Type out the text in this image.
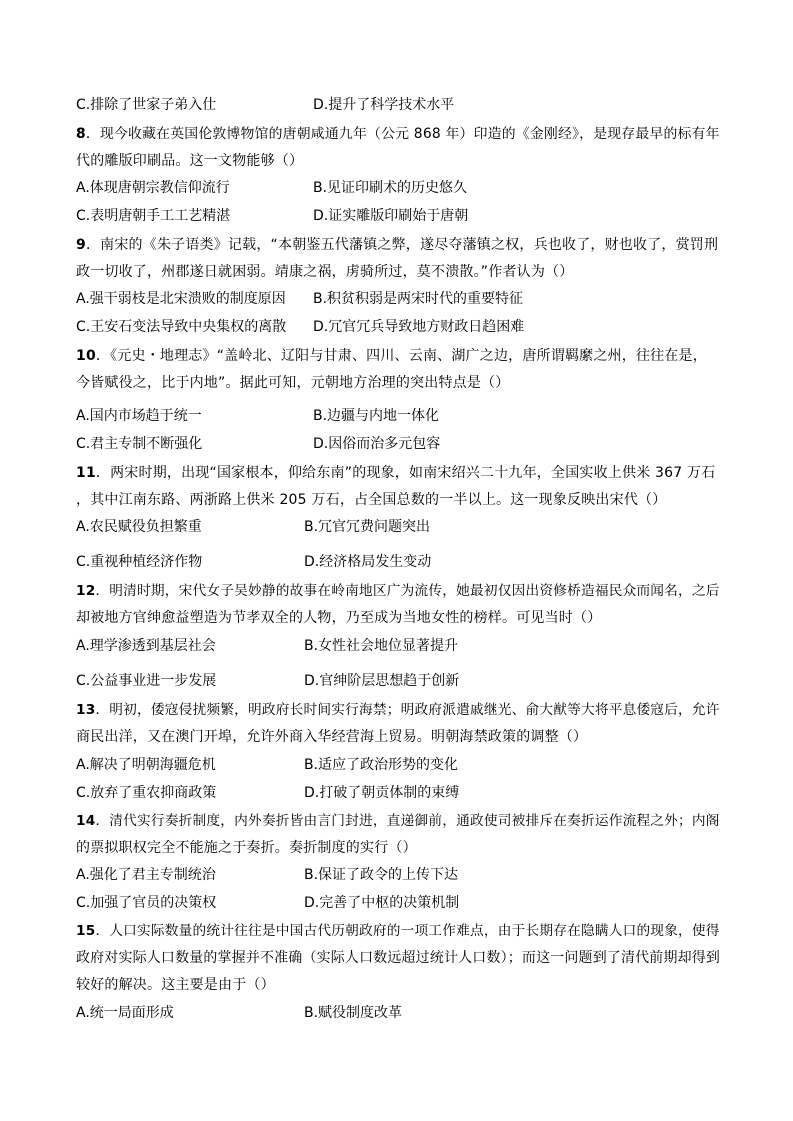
C.排除了世家子弟入仕	D.提升了科学技术水平
8．现今收藏在英国伦敦博物馆的唐朝咸通九年（公元 868 年）印造的《金刚经》，是现存最早的标有年
代的雕版印刷品。这一文物能够（）
A.体现唐朝宗教信仰流行	B.见证印刷术的历史悠久
C.表明唐朝手工工艺精湛	D.证实雕版印刷始于唐朝
9．南宋的《朱子语类》记载，“本朝鉴五代藩镇之弊，遂尽夺藩镇之权，兵也收了，财也收了，赏罚刑
政一切收了，州郡遂日就困弱。靖康之祸，虏骑所过，莫不溃散。”作者认为（）
A.强干弱枝是北宋溃败的制度原因 B.积贫积弱是两宋时代的重要特征
C.王安石变法导致中央集权的离散 D.冗官冗兵导致地方财政日趋困难
10．《元史・地理志》“盖岭北、辽阳与甘肃、四川、云南、湖广之边，唐所谓羁縻之州，往往在是，
今皆赋役之，比于内地”。据此可知，元朝地方治理的突出特点是（）
A.国内市场趋于统一	B.边疆与内地一体化
C.君主专制不断强化	D.因俗而治多元包容
11．两宋时期，出现“国家根本，仰给东南”的现象，如南宋绍兴二十九年，全国实收上供米 367 万石
，其中江南东路、两浙路上供米 205 万石，占全国总数的一半以上。这一现象反映出宋代（）
A.农民赋役负担繁重	B.冗官冗费问题突出
C.重视种植经济作物	D.经济格局发生变动
12．明清时期，宋代女子吴妙静的故事在岭南地区广为流传，她最初仅因出资修桥造福民众而闻名，之后
却被地方官绅愈益塑造为节孝双全的人物，乃至成为当地女性的榜样。可见当时（）
A.理学渗透到基层社会	B.女性社会地位显著提升
C.公益事业进一步发展	D.官绅阶层思想趋于创新
13．明初，倭寇侵扰频繁，明政府长时间实行海禁；明政府派遣戚继光、俞大猷等大将平息倭寇后，允许
商民出洋，又在澳门开埠，允许外商入华经营海上贸易。明朝海禁政策的调整（）
A.解决了明朝海疆危机	B.适应了政治形势的变化
C.放弃了重农抑商政策	D.打破了朝贡体制的束缚
14．清代实行奏折制度，内外奏折皆由言门封进，直递御前，通政使司被排斥在奏折运作流程之外；内阁
的票拟职权完全不能施之于奏折。奏折制度的实行（）
A.强化了君主专制统治	B.保证了政令的上传下达
C.加强了官员的决策权	D.完善了中枢的决策机制
15．人口实际数量的统计往往是中国古代历朝政府的一项工作难点，由于长期存在隐瞒人口的现象，使得
政府对实际人口数量的掌握并不准确（实际人口数远超过统计人口数）；而这一问题到了清代前期却得到
较好的解决。这主要是由于（）
A.统一局面形成	B.赋役制度改革
